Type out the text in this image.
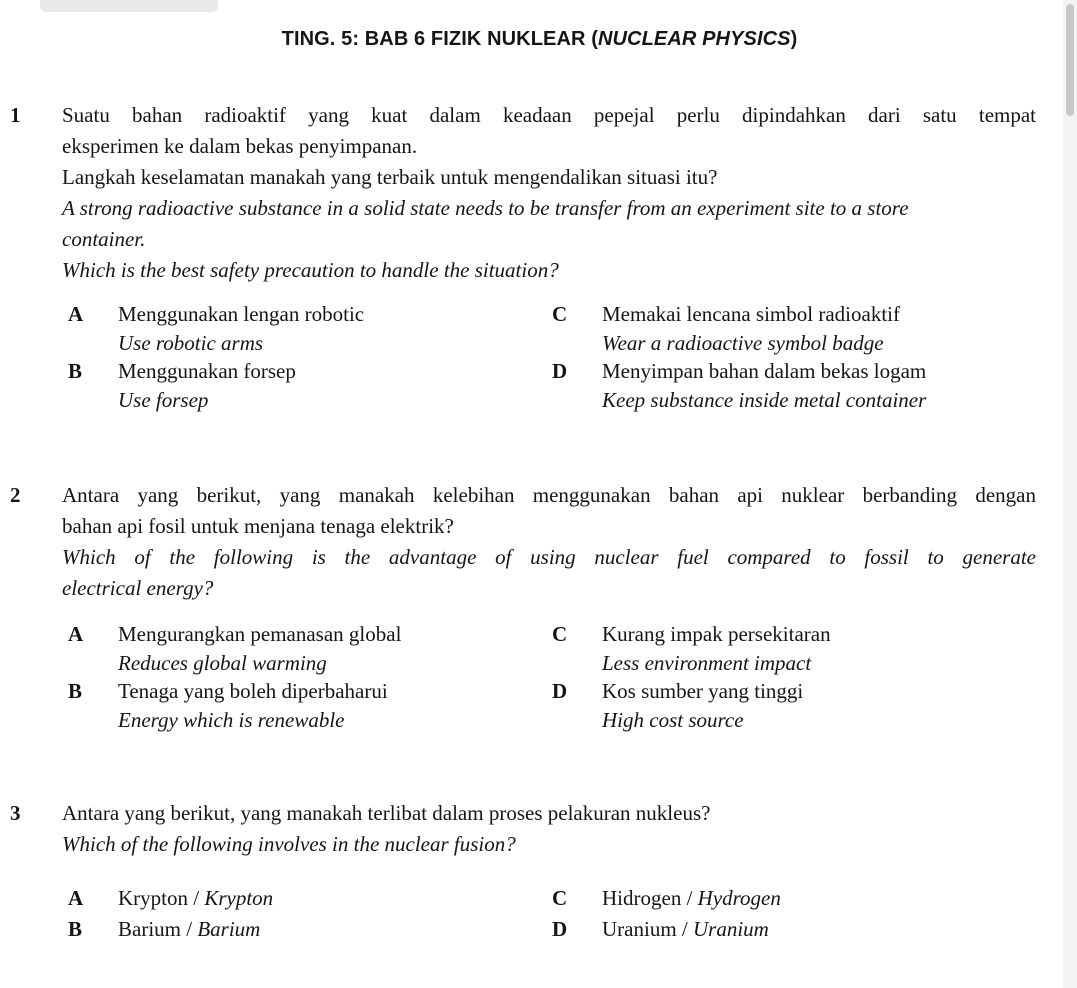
TING. 5: BAB 6 FIZIK NUKLEAR (NUCLEAR PHYSICS)
1 Suatu bahan radioaktif yang kuat dalam keadaan pepejal perlu dipindahkan dari satu tempat
eksperimen ke dalam bekas penyimpanan.
Langkah keselamatan manakah yang terbaik untuk mengendalikan situasi itu?
A strong radioactive substance in a solid state needs to be transfer from an experiment site to a store
container.
Which is the best safety precaution to handle the situation?
A Menggunakan lengan robotic
Use robotic arms
B Menggunakan forsep
Use forsep
C Memakai lencana simbol radioaktif
Wear a radioactive symbol badge
D Menyimpan bahan dalam bekas logam
Keep substance inside metal container
2 Antara yang berikut, yang manakah kelebihan menggunakan bahan api nuklear berbanding dengan
bahan api fosil untuk menjana tenaga elektrik?
Which of the following is the advantage of using nuclear fuel compared to fossil to generate
electrical energy?
A Mengurangkan pemanasan global
Reduces global warming
B Tenaga yang boleh diperbaharui
Energy which is renewable
C Kurang impak persekitaran
Less environment impact
D Kos sumber yang tinggi
High cost source
3 Antara yang berikut, yang manakah terlibat dalam proses pelakuran nukleus?
Which of the following involves in the nuclear fusion?
A Krypton / Krypton
B Barium / Barium
C Hidrogen / Hydrogen
D Uranium / Uranium
